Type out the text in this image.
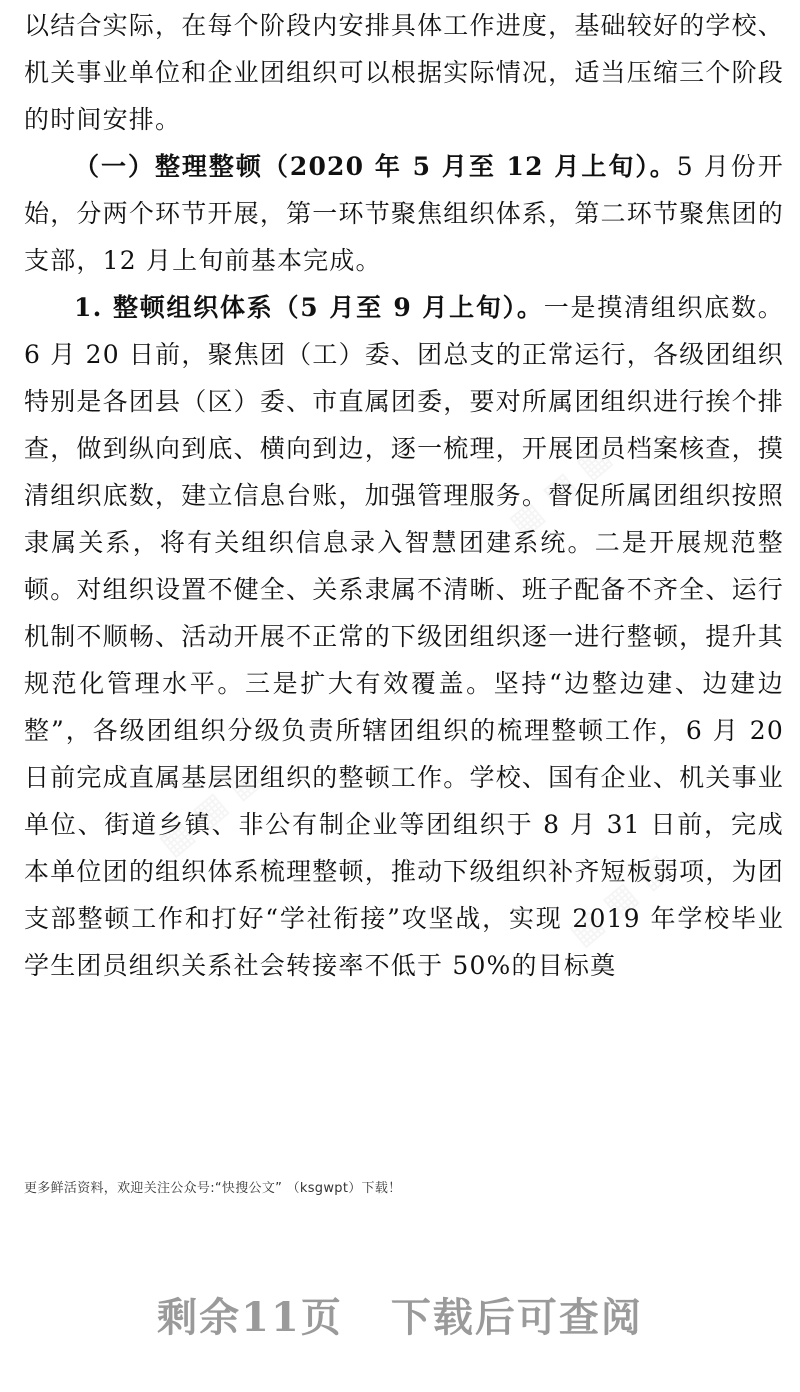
以结合实际，在每个阶段内安排具体工作进度，基础较好的学校、机关事业单位和企业团组织可以根据实际情况，适当压缩三个阶段的时间安排。

（一）整理整顿（2020 年 5 月至 12 月上旬）。5 月份开始，分两个环节开展，第一环节聚焦组织体系，第二环节聚焦团的支部，12 月上旬前基本完成。

1. 整顿组织体系（5 月至 9 月上旬）。一是摸清组织底数。6 月 20 日前，聚焦团（工）委、团总支的正常运行，各级团组织特别是各团县（区）委、市直属团委，要对所属团组织进行挨个排查，做到纵向到底、横向到边，逐一梳理，开展团员档案核查，摸清组织底数，建立信息台账，加强管理服务。督促所属团组织按照隶属关系，将有关组织信息录入智慧团建系统。二是开展规范整顿。对组织设置不健全、关系隶属不清晰、班子配备不齐全、运行机制不顺畅、活动开展不正常的下级团组织逐一进行整顿，提升其规范化管理水平。三是扩大有效覆盖。坚持“边整边建、边建边整”，各级团组织分级负责所辖团组织的梳理整顿工作，6 月 20 日前完成直属基层团组织的整顿工作。学校、国有企业、机关事业单位、街道乡镇、非公有制企业等团组织于 8 月 31 日前，完成本单位团的组织体系梳理整顿，推动下级组织补齐短板弱项，为团支部整顿工作和打好“学社衔接”攻坚战，实现 2019 年学校毕业学生团员组织关系社会转接率不低于 50%的目标奠

更多鲜活资料，欢迎关注公众号:“快搜公文” （ksgwpt）下载！
剩余11页 下载后可查阅
▦ ▦ ▦
▦ ▦ ▦
▦ ▦ ▦
